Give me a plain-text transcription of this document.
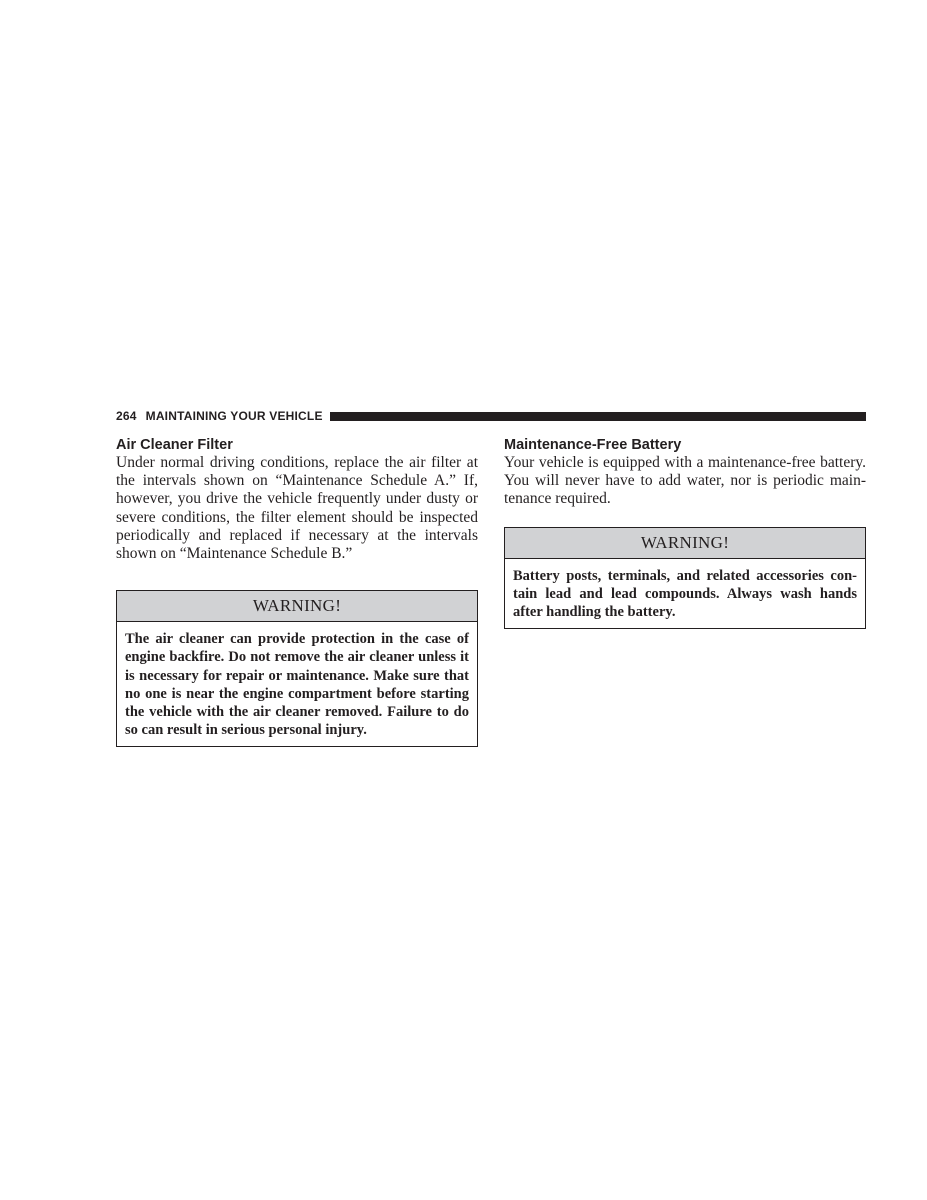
264 MAINTAINING YOUR VEHICLE
Air Cleaner Filter

Under normal driving conditions, replace the air filter at the intervals shown on “Maintenance Schedule A.” If, however, you drive the vehicle frequently under dusty or severe conditions, the filter element should be inspected periodically and replaced if necessary at the intervals shown on “Maintenance Schedule B.”

WARNING!
The air cleaner can provide protection in the case of engine backfire. Do not remove the air cleaner unless it is necessary for repair or maintenance. Make sure that no one is near the engine compartment before starting the vehicle with the air cleaner removed. Failure to do so can result in serious personal injury.
Maintenance-Free Battery

Your vehicle is equipped with a maintenance-free battery. You will never have to add water, nor is periodic maintenance required.

WARNING!
Battery posts, terminals, and related accessories contain lead and lead compounds. Always wash hands after handling the battery.
